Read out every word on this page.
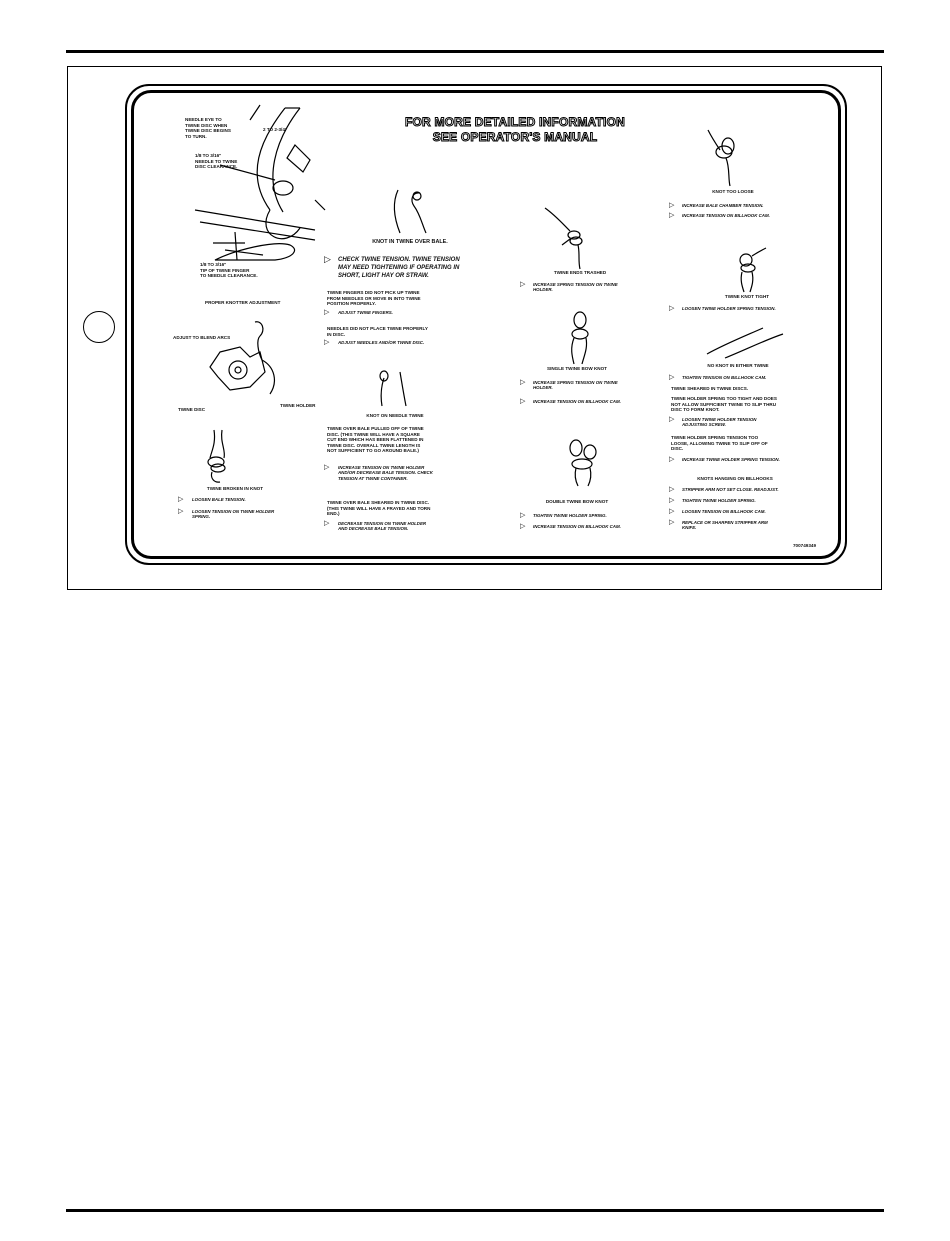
FOR MORE DETAILED INFORMATION
SEE OPERATOR'S MANUAL
NEEDLE EYE TO
TWINE DISC WHEN
TWINE DISC BEGINS
TO TURN.
2 TO 2-3/4"
1/8 TO 3/16"
NEEDLE TO TWINE
DISC CLEARANCE.
1/8 TO 3/16"
TIP OF TWINE FINGER
TO NEEDLE CLEARANCE.
PROPER KNOTTER ADJUSTMENT
ADJUST TO BLEND ARCS
TWINE DISC
TWINE HOLDER
TWINE BROKEN IN KNOT
▷ LOOSEN BALE TENSION.
▷ LOOSEN TENSION ON TWINE HOLDER
SPRING.
KNOT IN TWINE OVER BALE.
▷ CHECK TWINE TENSION. TWINE TENSION
MAY NEED TIGHTENING IF OPERATING IN
SHORT, LIGHT HAY OR STRAW.
TWINE FINGERS DID NOT PICK UP TWINE
FROM NEEDLES OR MOVE IN INTO TWINE
POSITION PROPERLY.
▷ ADJUST TWINE FINGERS.
NEEDLES DID NOT PLACE TWINE PROPERLY
IN DISC.
▷ ADJUST NEEDLES AND/OR TWINE DISC.
KNOT ON NEEDLE TWINE
TWINE OVER BALE PULLED OFF OF TWINE
DISC. (THIS TWINE WILL HAVE A SQUARE
CUT END WHICH HAS BEEN FLATTENED IN
TWINE DISC. OVERALL TWINE LENGTH IS
NOT SUFFICIENT TO GO AROUND BALE.)
▷ INCREASE TENSION ON TWINE HOLDER
AND/OR DECREASE BALE TENSION. CHECK
TENSION AT TWINE CONTAINER.
TWINE OVER BALE SHEARED IN TWINE DISC.
(THIS TWINE WILL HAVE A FRAYED AND TORN
END.)
▷ DECREASE TENSION ON TWINE HOLDER
AND DECREASE BALE TENSION.
TWINE ENDS TRASHED
▷ INCREASE SPRING TENSION ON TWINE
HOLDER.
SINGLE TWINE BOW KNOT
▷ INCREASE SPRING TENSION ON TWINE
HOLDER.
▷ INCREASE TENSION ON BILLHOOK CAM.
DOUBLE TWINE BOW KNOT
▷ TIGHTEN TWINE HOLDER SPRING.
▷ INCREASE TENSION ON BILLHOOK CAM.
KNOT TOO LOOSE
▷ INCREASE BALE CHAMBER TENSION.
▷ INCREASE TENSION ON BILLHOOK CAM.
TWINE KNOT TIGHT
▷ LOOSEN TWINE HOLDER SPRING TENSION.
NO KNOT IN EITHER TWINE
▷ TIGHTEN TENSION ON BILLHOOK CAM.
TWINE SHEARED IN TWINE DISCS.
TWINE HOLDER SPRING TOO TIGHT AND DOES
NOT ALLOW SUFFICIENT TWINE TO SLIP THRU
DISC TO FORM KNOT.
▷ LOOSEN TWINE HOLDER TENSION
ADJUSTING SCREW.
TWINE HOLDER SPRING TENSION TOO
LOOSE, ALLOWING TWINE TO SLIP OFF OF
DISC.
▷ INCREASE TWINE HOLDER SPRING TENSION.
KNOTS HANGING ON BILLHOOKS
▷ STRIPPER ARM NOT SET CLOSE. READJUST.
▷ TIGHTEN TWINE HOLDER SPRING.
▷ LOOSEN TENSION ON BILLHOOK CAM.
▷ REPLACE OR SHARPEN STRIPPER ARM
KNIFE.
700749349
